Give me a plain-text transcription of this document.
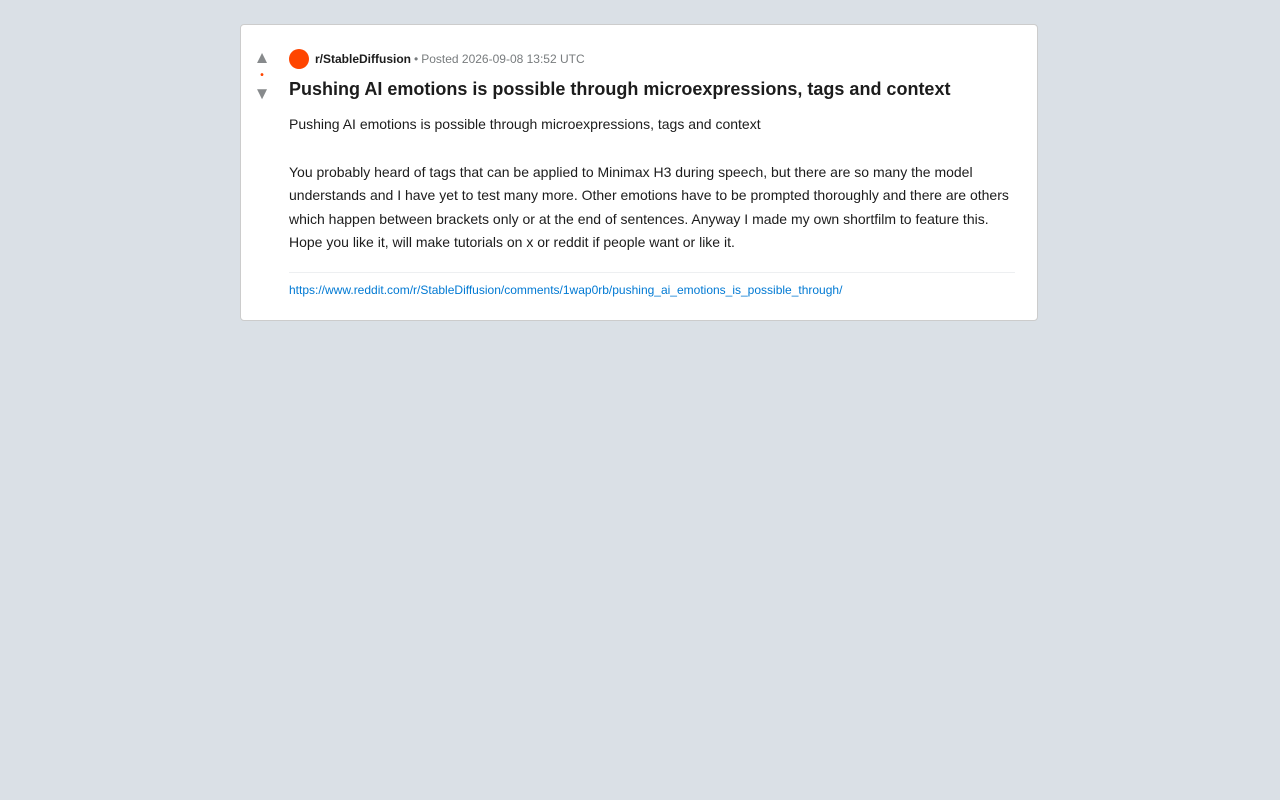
▲
•
▼
r/StableDiffusion • Posted 2026-09-08 13:52 UTC
Pushing AI emotions is possible through microexpressions, tags and context

Pushing AI emotions is possible through microexpressions, tags and context

You probably heard of tags that can be applied to Minimax H3 during speech, but there are so many the model understands and I have yet to test many more. Other emotions have to be prompted thoroughly and there are others which happen between brackets only or at the end of sentences. Anyway I made my own shortfilm to feature this. Hope you like it, will make tutorials on x or reddit if people want or like it.

https://www.reddit.com/r/StableDiffusion/comments/1wap0rb/pushing_ai_emotions_is_possible_through/
